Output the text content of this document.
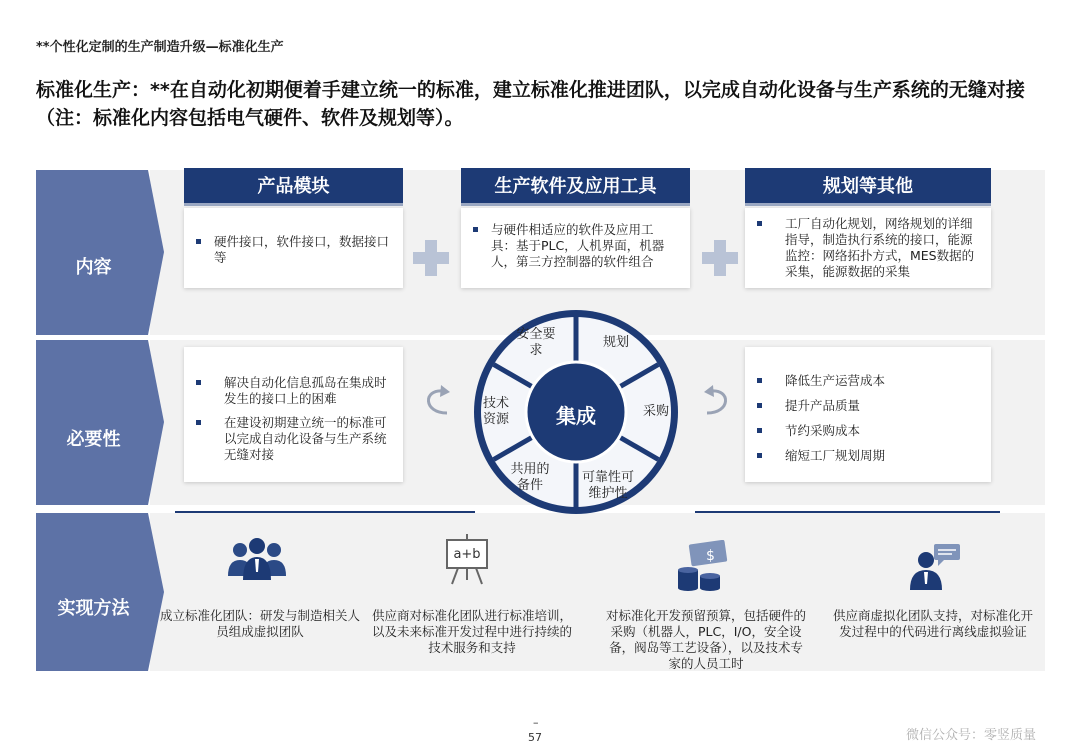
**个性化定制的生产制造升级—标准化生产
标准化生产：**在自动化初期便着手建立统一的标准，建立标准化推进团队，以完成自动化设备与生产系统的无缝对接（注：标准化内容包括电气硬件、软件及规划等）。
内容
必要性
实现方法
产品模块	生产软件及应用工具	规划等其他
硬件接口，软件接口，数据接口等
与硬件相适应的软件及应用工具：基于PLC，人机界面，机器人，第三方控制器的软件组合
工厂自动化规划，网络规划的详细指导，制造执行系统的接口，能源监控：网络拓扑方式，MES数据的采集，能源数据的采集
解决自动化信息孤岛在集成时发生的接口上的困难
在建设初期建立统一的标准可以完成自动化设备与生产系统无缝对接
降低生产运营成本
提升产品质量
节约采购成本
缩短工厂规划周期
集成
安全要求
规划
采购
可靠性可维护性
共用的备件
技术资源
a+b	$
成立标准化团队：研发与制造相关人员组成虚拟团队
供应商对标准化团队进行标准培训，以及未来标准开发过程中进行持续的技术服务和支持
对标准化开发预留预算，包括硬件的采购（机器人，PLC，I/O，安全设备，阀岛等工艺设备），以及技术专家的人员工时
供应商虚拟化团队支持，对标准化开发过程中的代码进行离线虚拟验证
–
57	微信公众号：零竖质量
